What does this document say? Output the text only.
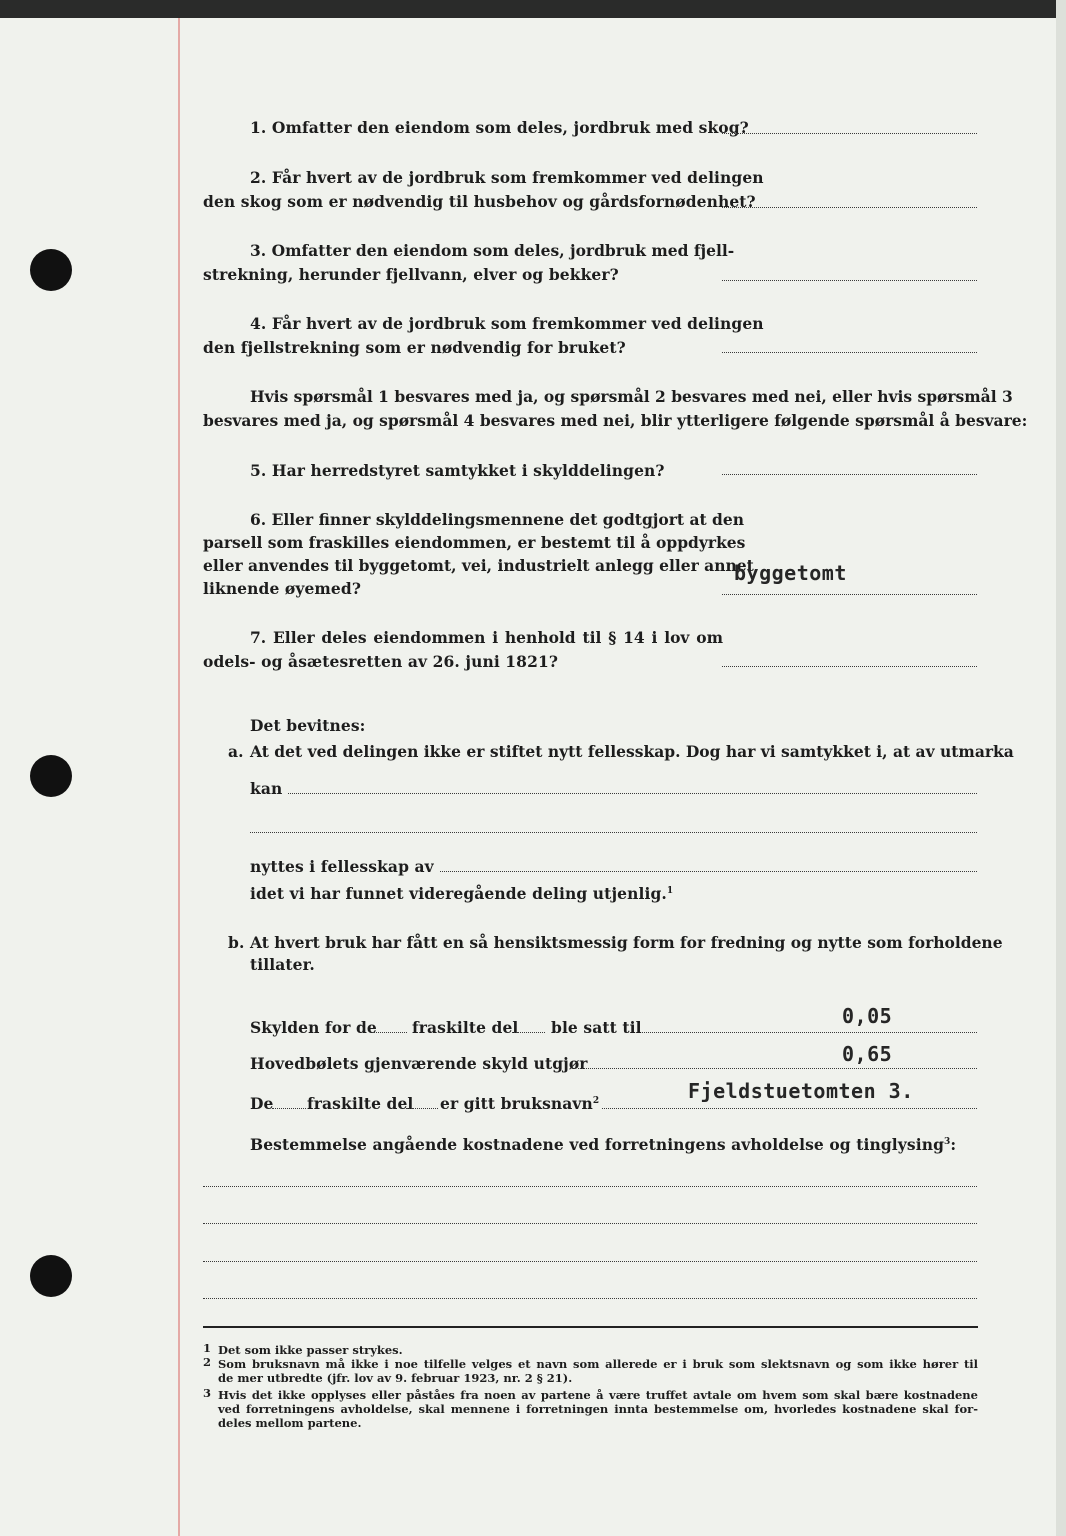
1. Omfatter den eiendom som deles, jordbruk med skog?
2. Får hvert av de jordbruk som fremkommer ved delingen
den skog som er nødvendig til husbehov og gårdsfornødenhet?
3. Omfatter den eiendom som deles, jordbruk med fjell-
strekning, herunder fjellvann, elver og bekker?
4. Får hvert av de jordbruk som fremkommer ved delingen
den fjellstrekning som er nødvendig for bruket?
Hvis spørsmål 1 besvares med ja, og spørsmål 2 besvares med nei, eller hvis spørsmål 3
besvares med ja, og spørsmål 4 besvares med nei, blir ytterligere følgende spørsmål å besvare:
5. Har herredstyret samtykket i skylddelingen?
6. Eller finner skylddelingsmennene det godtgjort at den
parsell som fraskilles eiendommen, er bestemt til å oppdyrkes
eller anvendes til byggetomt, vei, industrielt anlegg eller annet
liknende øyemed?
byggetomt
7. Eller deles eiendommen i henhold til § 14 i lov om
odels- og åsætesretten av 26. juni 1821?
Det bevitnes:
a. At det ved delingen ikke er stiftet nytt fellesskap. Dog har vi samtykket i, at av utmarka
kan
nyttes i fellesskap av
idet vi har funnet videregående deling utjenlig.$^1$
b. At hvert bruk har fått en så hensiktsmessig form for fredning og nytte som forholdene
tillater.
Skylden for de fraskilte del ble satt til	0,05
Hovedbølets gjenværende skyld utgjør	0,65
De fraskilte del er gitt bruksnavn$^2$	Fjeldstuetomten 3.
Bestemmelse angående kostnadene ved forretningens avholdelse og tinglysing$^3$:
1 Det som ikke passer strykes.
2 Som bruksnavn må ikke i noe tilfelle velges et navn som allerede er i bruk som slektsnavn og som ikke hører til
de mer utbredte (jfr. lov av 9. februar 1923, nr. 2 § 21).
3 Hvis det ikke opplyses eller påståes fra noen av partene å være truffet avtale om hvem som skal bære kostnadene
ved forretningens avholdelse, skal mennene i forretningen innta bestemmelse om, hvorledes kostnadene skal for-
deles mellom partene.
